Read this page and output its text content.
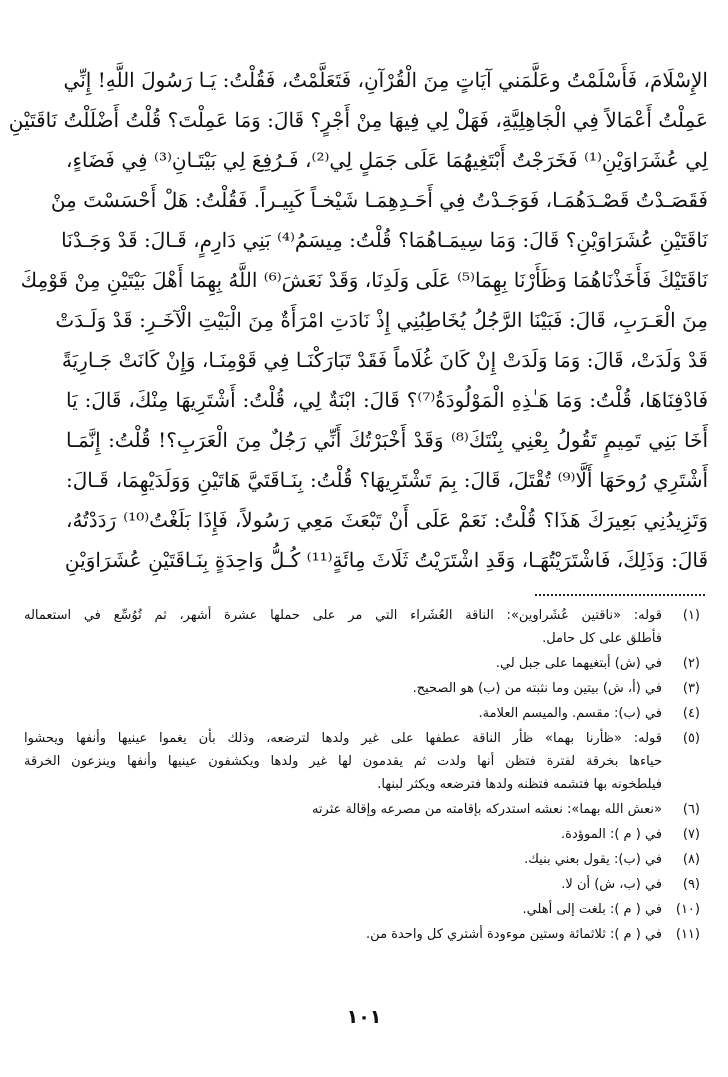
الإِسْلَامَ، فَأَسْلَمْتُ وعَلَّمَني آيَاتٍ مِنَ الْقُرْآنِ، فَتَعَلَّمْتُ، فَقُلْتُ: يَـا رَسُولَ اللَّهِ! إِنِّي
عَمِلْتُ أَعْمَالاً فِي الْجَاهِلِيَّةِ، فَهَلْ لِي فِيهَا مِنْ أَجْرٍ؟ قَالَ: وَمَا عَمِلْتَ؟ قُلْتُ أَضْلَلْتُ نَاقَتَيْنِ
لِي عُشَرَاوَيْنِ⁽¹⁾ فَخَرَجْتُ أَبْتَغِيهُمَا عَلَى جَمَلٍ لِي⁽²⁾، فَـرُفِعَ لِي بَيْتَـانِ⁽³⁾ فِي فَضَاءٍ،
فَقَصَـدْتُ قَصْـدَهُمَـا، فَوَجَـدْتُ فِي أَحَـدِهِمَـا شَيْخـاً كَبِيـراً. فَقُلْتُ: هَلْ أَحْسَسْتَ مِنْ
نَاقَتَيْنِ عُشَرَاوَيْنِ؟ قَالَ: وَمَا سِيمَـاهُمَا؟ قُلْتُ: مِيسَمُ⁽⁴⁾ بَنِي دَارِمٍ، قَـالَ: قَدْ وَجَـدْنَا
نَاقَتَيْكَ فَأَخَذْنَاهُمَا وَظَأَرْنَا بِهِمَا⁽⁵⁾ عَلَى وَلَدِنَا، وَقَدْ نَعَشَ⁽⁶⁾ اللَّهُ بِهِمَا أَهْلَ بَيْتَيْنِ مِنْ قَوْمِكَ
مِنَ الْعَـرَبِ، قَالَ: فَبَيْنَا الرَّجُلُ يُخَاطِبُنِي إِذْ نَادَتِ امْرَأَةٌ مِنَ الْبَيْتِ الْآخَـرِ: قَدْ وَلَـدَتْ
قَدْ وَلَدَتْ، قَالَ: وَمَا وَلَدَتْ إِنْ كَانَ غُلَاماً فَقَدْ تَبَارَكْنَـا فِي قَوْمِنَـا، وَإِنْ كَانَتْ جَـارِيَةً
فَادْفِنَاهَا، قُلْتُ: وَمَا هَـٰذِهِ الْمَوْلُودَةُ⁽⁷⁾؟ قَالَ: ابْنَةٌ لِي، قُلْتُ: أَشْتَرِيهَا مِنْكَ، قَالَ: يَا
أَخَا بَنِي تَمِيمٍ تَقُولُ بِعْنِي بِنْتَكَ⁽⁸⁾ وَقَدْ أَخْبَرْتُكَ أَنِّي رَجُلٌ مِنَ الْعَرَبِ؟! قُلْتُ: إِنَّمَـا
أَشْتَرِي رُوحَهَا أَلَّا⁽⁹⁾ تُقْتَلَ، قَالَ: بِمَ تَشْتَرِيهَا؟ قُلْتُ: بِنَـاقَتَيَّ هَاتَيْنِ وَوَلَدَيْهِمَا، قَـالَ:
وَتَزِيدُنِي بَعِيرَكَ هَذَا؟ قُلْتُ: نَعَمْ عَلَى أَنْ تَبْعَثَ مَعِي رَسُولاً، فَإِذَا بَلَغْتُ⁽¹⁰⁾ رَدَدْتُهُ،
قَالَ: وَذَلِكَ، فَاشْتَرَيْتُهَـا، وَقَدِ اشْتَرَيْتُ ثَلَاثَ مِائَةٍ⁽¹¹⁾ كُـلُّ وَاحِدَةٍ بِنَـاقَتَيْنِ عُشَرَاوَيْنِ
(١)
قوله: «ناقتين عُشَراوين»: الناقة العُشَراء التي مر على حملها عشرة أشهر، ثم تُوُسِّع في استعماله
فأطلق على كل حامل.
(٢)
في (ش) أبتغيهما على جبل لي.
(٣)
في (أ، ش) بيتين وما نثبته من (ب) هو الصحيح.
(٤)
في (ب): مقسم. والميسم العلامة.
(٥)
قوله: «ظأرنا بهما» ظأر الناقة عطفها على غير ولدها لترضعه، وذلك بأن يغموا عينيها وأنفها ويحشوا
حياءها بخرقة لفترة فتظن أنها ولدت ثم يقدمون لها غير ولدها ويكشفون عينيها وأنفها وينزعون الخرقة
فيلطخونه بها فتشمه فتظنه ولدها فترضعه ويكثر لبنها.
(٦)
«نعش الله بهما»: نعشه استدركه بإقامته من مصرعه وإقالة عثرته
(٧)
في ( م ): الموؤدة.
(٨)
في (ب): يقول بعني بنيك.
(٩)
في (ب، ش) أن لا.
(١٠)
في ( م ): بلغت إلى أهلي.
(١١)
في ( م ): ثلاثمائة وستين موءودة أشتري كل واحدة من.
١٠١
